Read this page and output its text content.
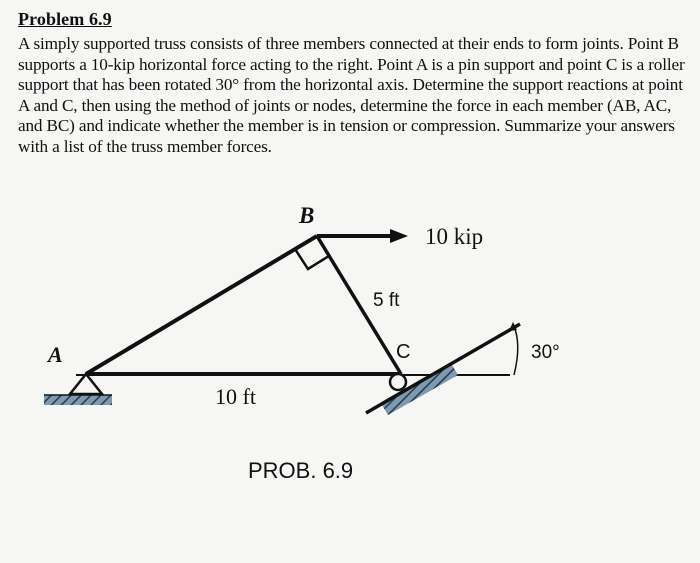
Problem 6.9
A simply supported truss consists of three members connected at their ends to form joints. Point B supports a 10-kip horizontal force acting to the right. Point A is a pin support and point C is a roller support that has been rotated 30° from the horizontal axis. Determine the support reactions at point A and C, then using the method of joints or nodes, determine the force in each member (AB, AC, and BC) and indicate whether the member is in tension or compression. Summarize your answers with a list of the truss member forces.
A
B
C
10 kip
5 ft
10 ft
30°
PROB. 6.9
